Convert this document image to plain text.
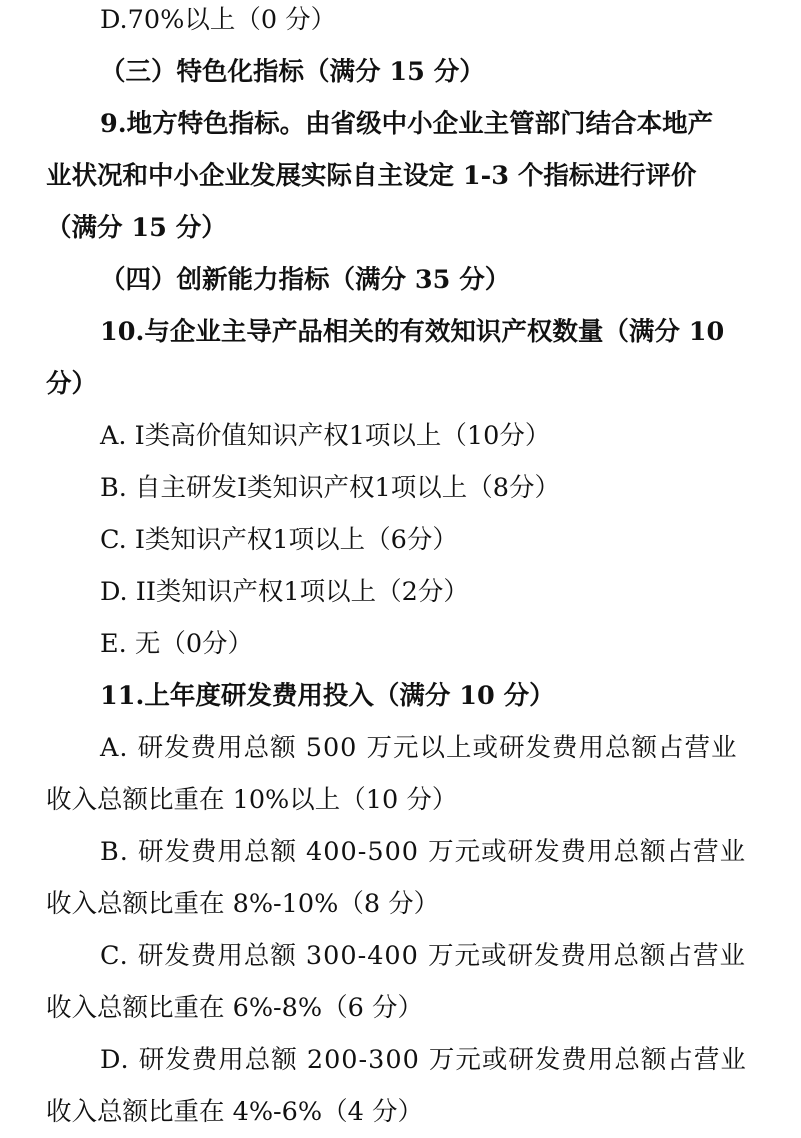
D.70%以上（0 分）
（三）特色化指标（满分 15 分）
9.地方特色指标。由省级中小企业主管部门结合本地产
业状况和中小企业发展实际自主设定 1-3 个指标进行评价
（满分 15 分）
（四）创新能力指标（满分 35 分）
10.与企业主导产品相关的有效知识产权数量（满分 10
分）
A. I类高价值知识产权1项以上（10分）
B. 自主研发I类知识产权1项以上（8分）
C. I类知识产权1项以上（6分）
D. II类知识产权1项以上（2分）
E. 无（0分）
11.上年度研发费用投入（满分 10 分）
A. 研发费用总额 500 万元以上或研发费用总额占营业
收入总额比重在 10%以上（10 分）
B. 研发费用总额 400-500 万元或研发费用总额占营业
收入总额比重在 8%-10%（8 分）
C. 研发费用总额 300-400 万元或研发费用总额占营业
收入总额比重在 6%-8%（6 分）
D. 研发费用总额 200-300 万元或研发费用总额占营业
收入总额比重在 4%-6%（4 分）
